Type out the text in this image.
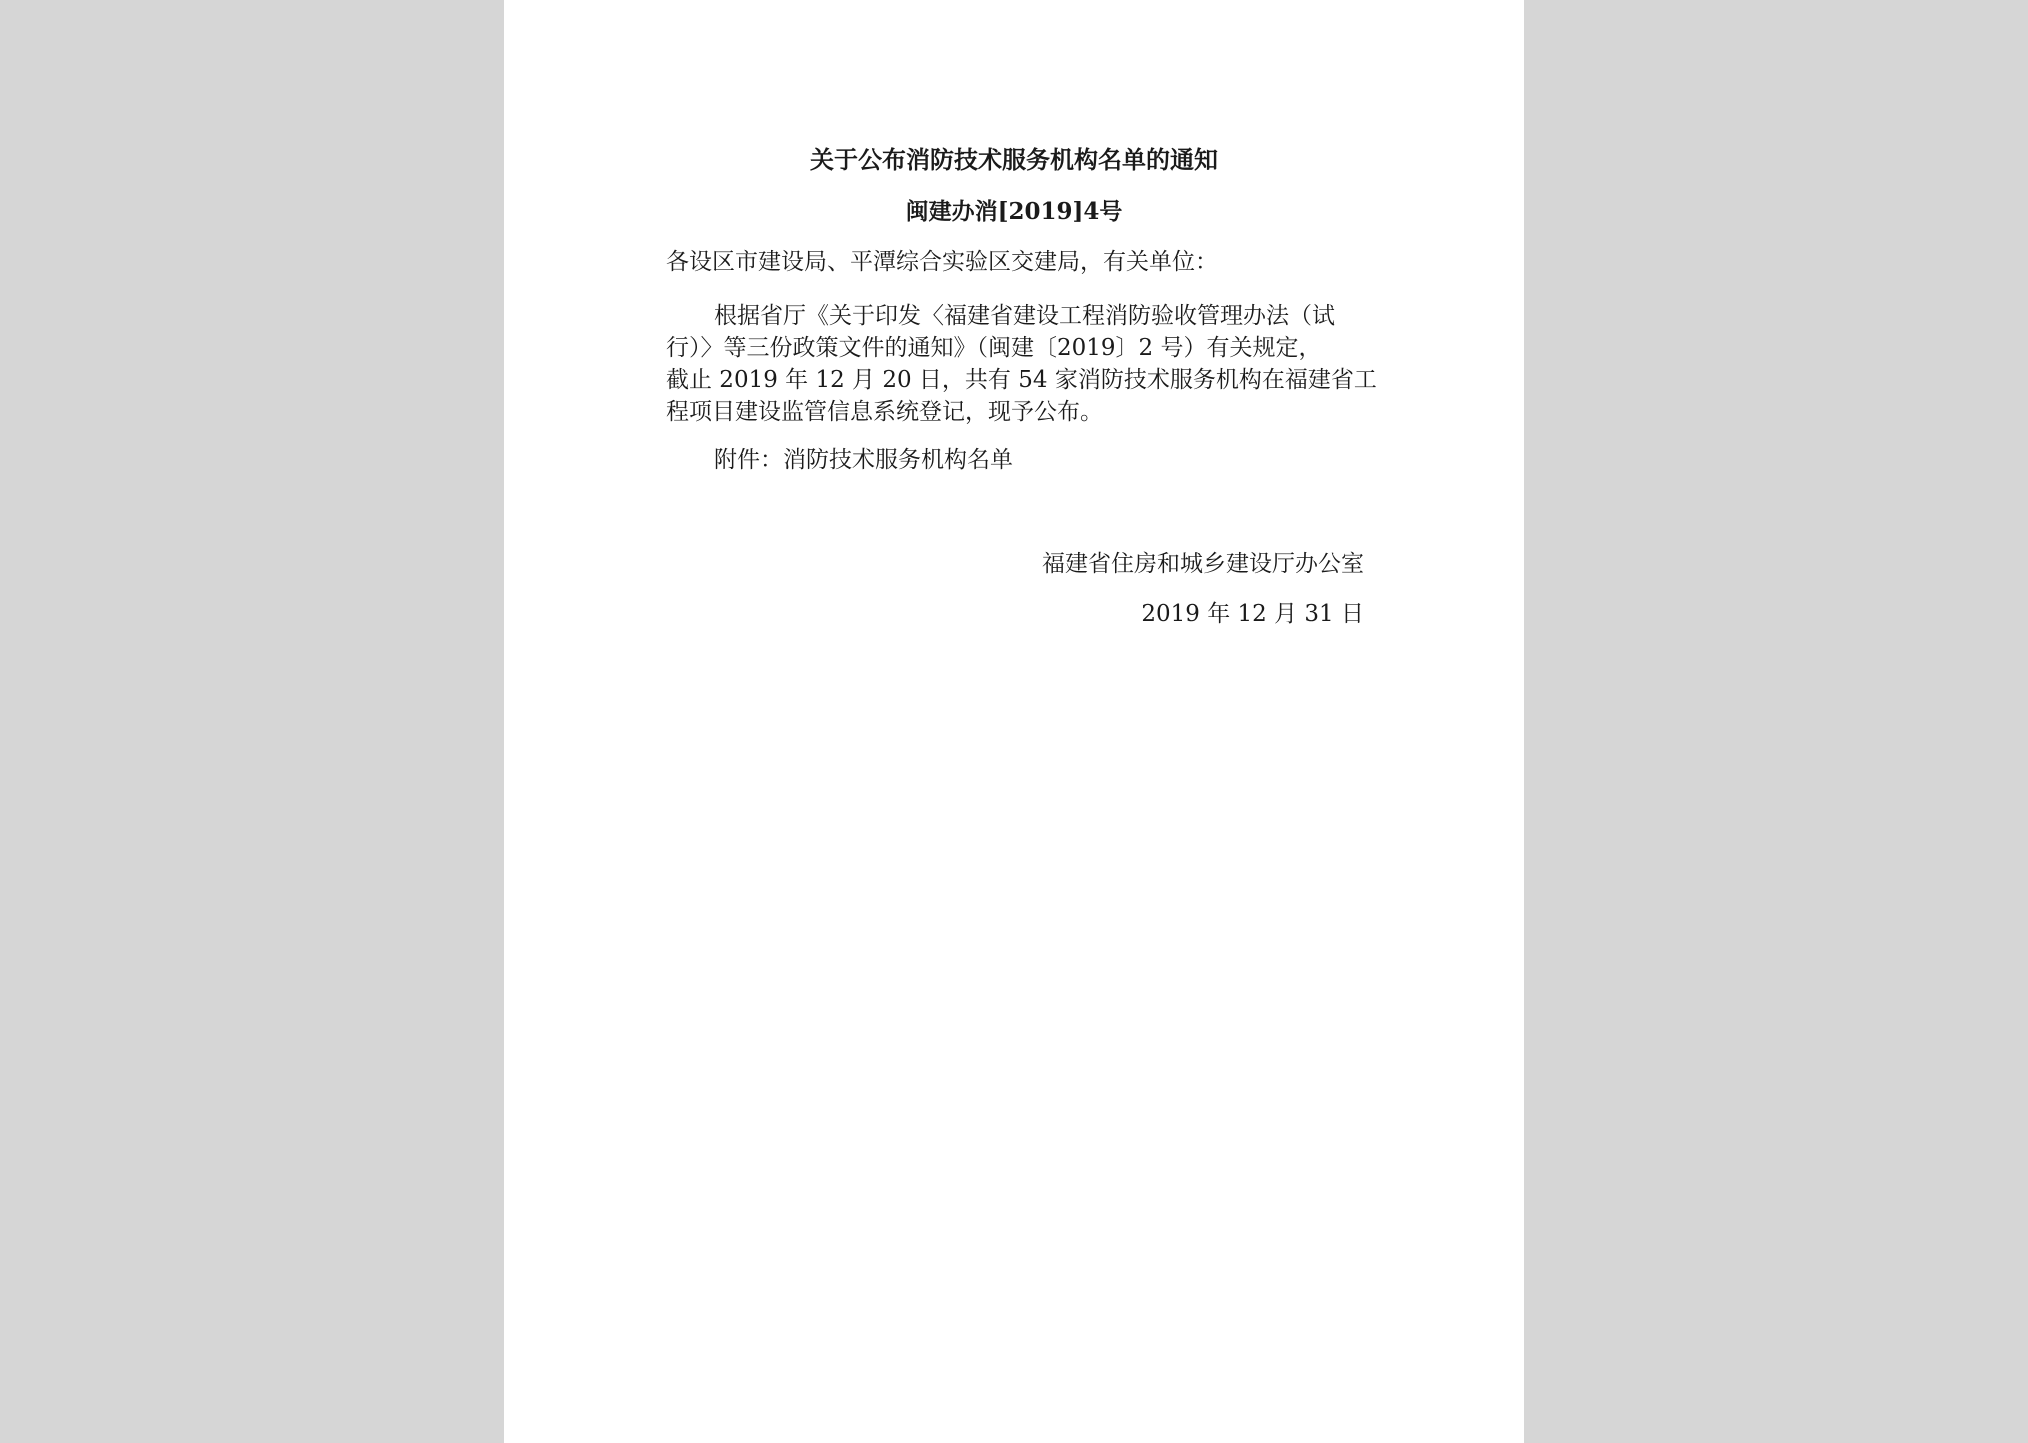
关于公布消防技术服务机构名单的通知
闽建办消[2019]4号
各设区市建设局、平潭综合实验区交建局，有关单位：
根据省厅《关于印发〈福建省建设工程消防验收管理办法（试
行）〉等三份政策文件的通知》（闽建〔2019〕2 号）有关规定，
截止 2019 年 12 月 20 日，共有 54 家消防技术服务机构在福建省工
程项目建设监管信息系统登记，现予公布。
附件：消防技术服务机构名单
福建省住房和城乡建设厅办公室
2019 年 12 月 31 日
